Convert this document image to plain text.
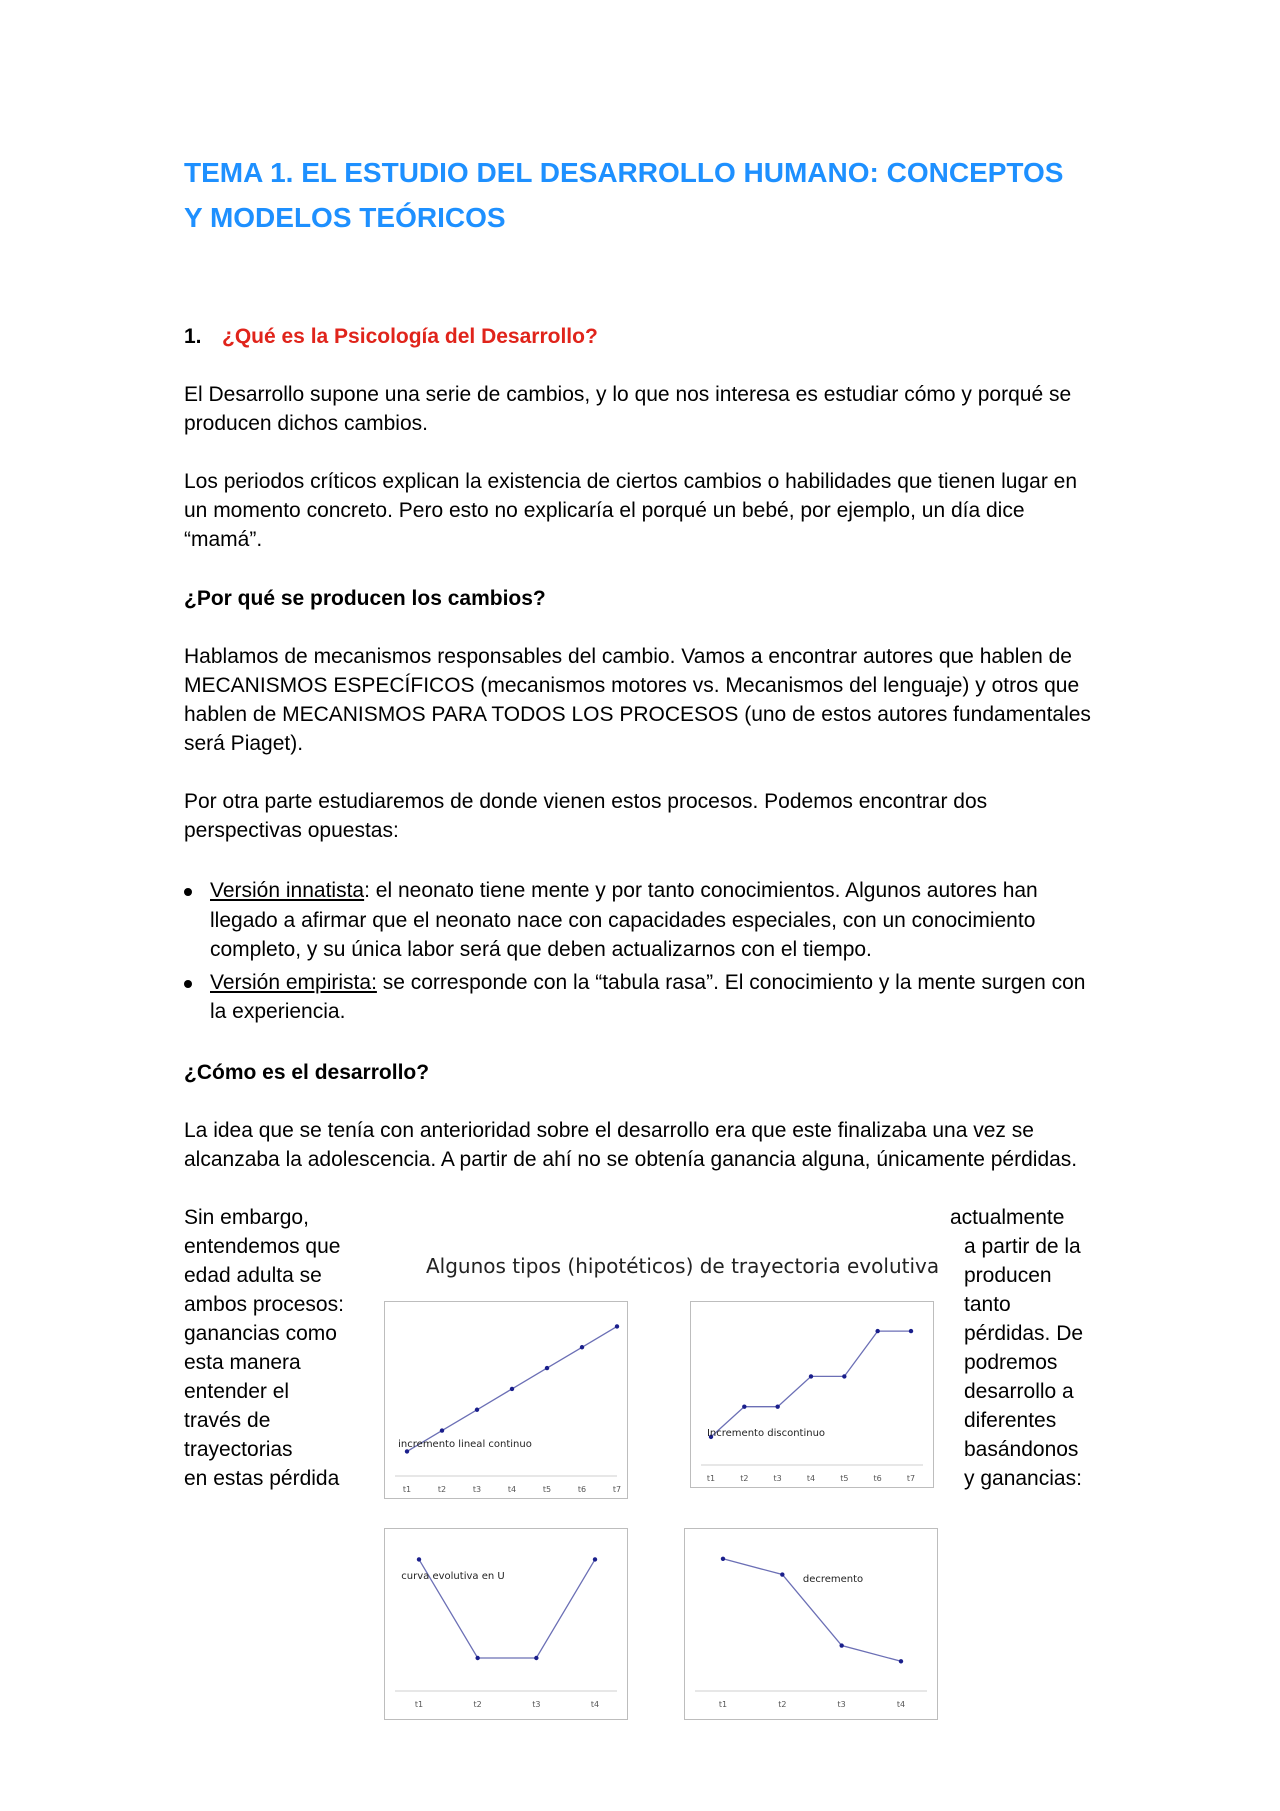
TEMA 1. EL ESTUDIO DEL DESARROLLO HUMANO: CONCEPTOS Y MODELOS TEÓRICOS
1. ¿Qué es la Psicología del Desarrollo?

El Desarrollo supone una serie de cambios, y lo que nos interesa es estudiar cómo y porqué se producen dichos cambios.

Los periodos críticos explican la existencia de ciertos cambios o habilidades que tienen lugar en un momento concreto. Pero esto no explicaría el porqué un bebé, por ejemplo, un día dice “mamá”.

¿Por qué se producen los cambios?

Hablamos de mecanismos responsables del cambio. Vamos a encontrar autores que hablen de MECANISMOS ESPECÍFICOS (mecanismos motores vs. Mecanismos del lenguaje) y otros que hablen de MECANISMOS PARA TODOS LOS PROCESOS (uno de estos autores fundamentales será Piaget).

Por otra parte estudiaremos de donde vienen estos procesos. Podemos encontrar dos perspectivas opuestas:

Versión innatista: el neonato tiene mente y por tanto conocimientos. Algunos autores han llegado a afirmar que el neonato nace con capacidades especiales, con un conocimiento completo, y su única labor será que deben actualizarnos con el tiempo.
Versión empirista: se corresponde con la “tabula rasa”. El conocimiento y la mente surgen con la experiencia.
¿Cómo es el desarrollo?

La idea que se tenía con anterioridad sobre el desarrollo era que este finalizaba una vez se alcanzaba la adolescencia. A partir de ahí no se obtenía ganancia alguna, únicamente pérdidas.

Sin embargo,
entendemos que
edad adulta se
ambos procesos:
ganancias como
esta manera
entender el
través de
trayectorias
en estas pérdida
actualmente
a partir de la
producen
tanto
pérdidas. De
podremos
desarrollo a
diferentes
basándonos
y ganancias:
Algunos tipos (hipotéticos) de trayectoria evolutiva
t1	t2	t3	t4	t5	t6	t7
incremento lineal continuo
t1	t2	t3	t4	t5	t6	t7
Incremento discontinuo
t1	t2	t3	t4
curva evolutiva en U
t1	t2	t3	t4
decremento
